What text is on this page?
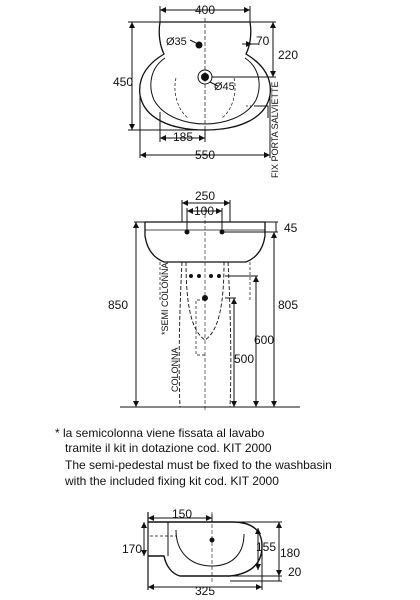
400
Ø35	70
220
450	Ø45
185
550	FIX PORTA SALVIETTE
250
100
45
850	805
600
500
*SEMI COLONNA
COLONNA
150
170	155 180
325
20
* la semicolonna viene fissata al lavabo
tramite il kit in dotazione cod. KIT 2000
The semi-pedestal must be fixed to the washbasin
with the included fixing kit cod. KIT 2000
